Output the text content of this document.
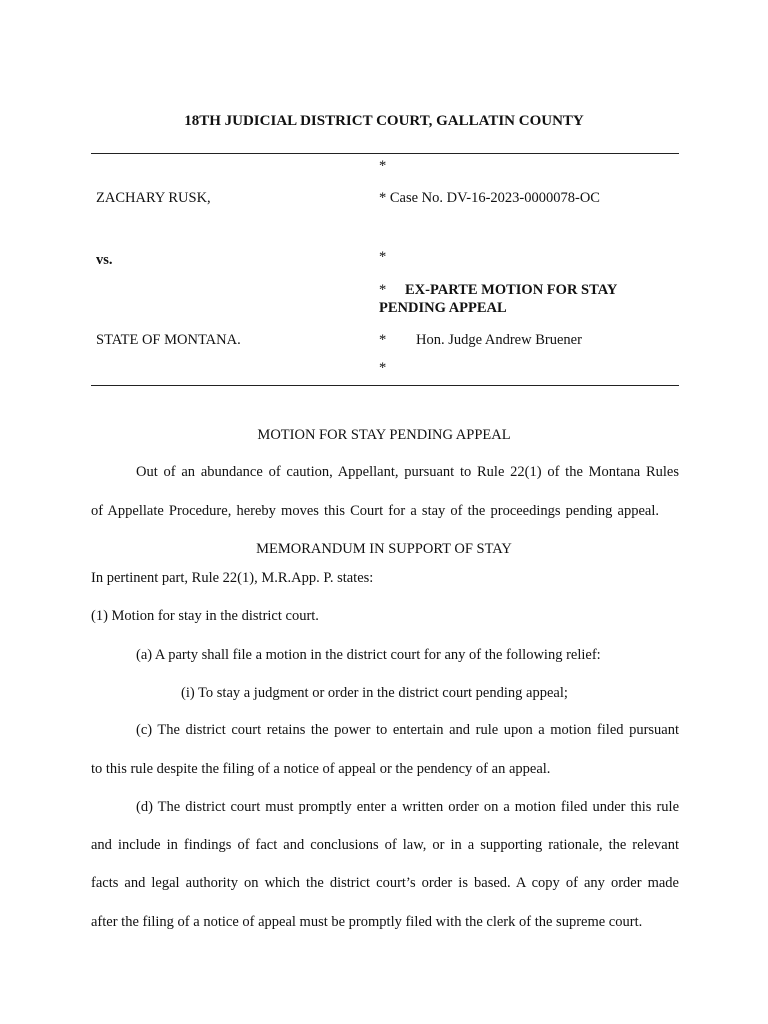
18TH JUDICIAL DISTRICT COURT, GALLATIN COUNTY
*
ZACHARY RUSK,	* Case No. DV-16-2023-0000078-OC
vs.	*
* EX-PARTE MOTION FOR STAY
PENDING APPEAL
STATE OF MONTANA.	* Hon. Judge Andrew Bruener
*
MOTION FOR STAY PENDING APPEAL
Out of an abundance of caution, Appellant, pursuant to Rule 22(1) of the Montana Rules
of Appellate Procedure, hereby moves this Court for a stay of the proceedings pending appeal.
MEMORANDUM IN SUPPORT OF STAY
In pertinent part, Rule 22(1), M.R.App. P. states:
(1) Motion for stay in the district court.
(a) A party shall file a motion in the district court for any of the following relief:
(i) To stay a judgment or order in the district court pending appeal;
(c) The district court retains the power to entertain and rule upon a motion filed pursuant
to this rule despite the filing of a notice of appeal or the pendency of an appeal.
(d) The district court must promptly enter a written order on a motion filed under this rule
and include in findings of fact and conclusions of law, or in a supporting rationale, the relevant
facts and legal authority on which the district court’s order is based. A copy of any order made
after the filing of a notice of appeal must be promptly filed with the clerk of the supreme court.
